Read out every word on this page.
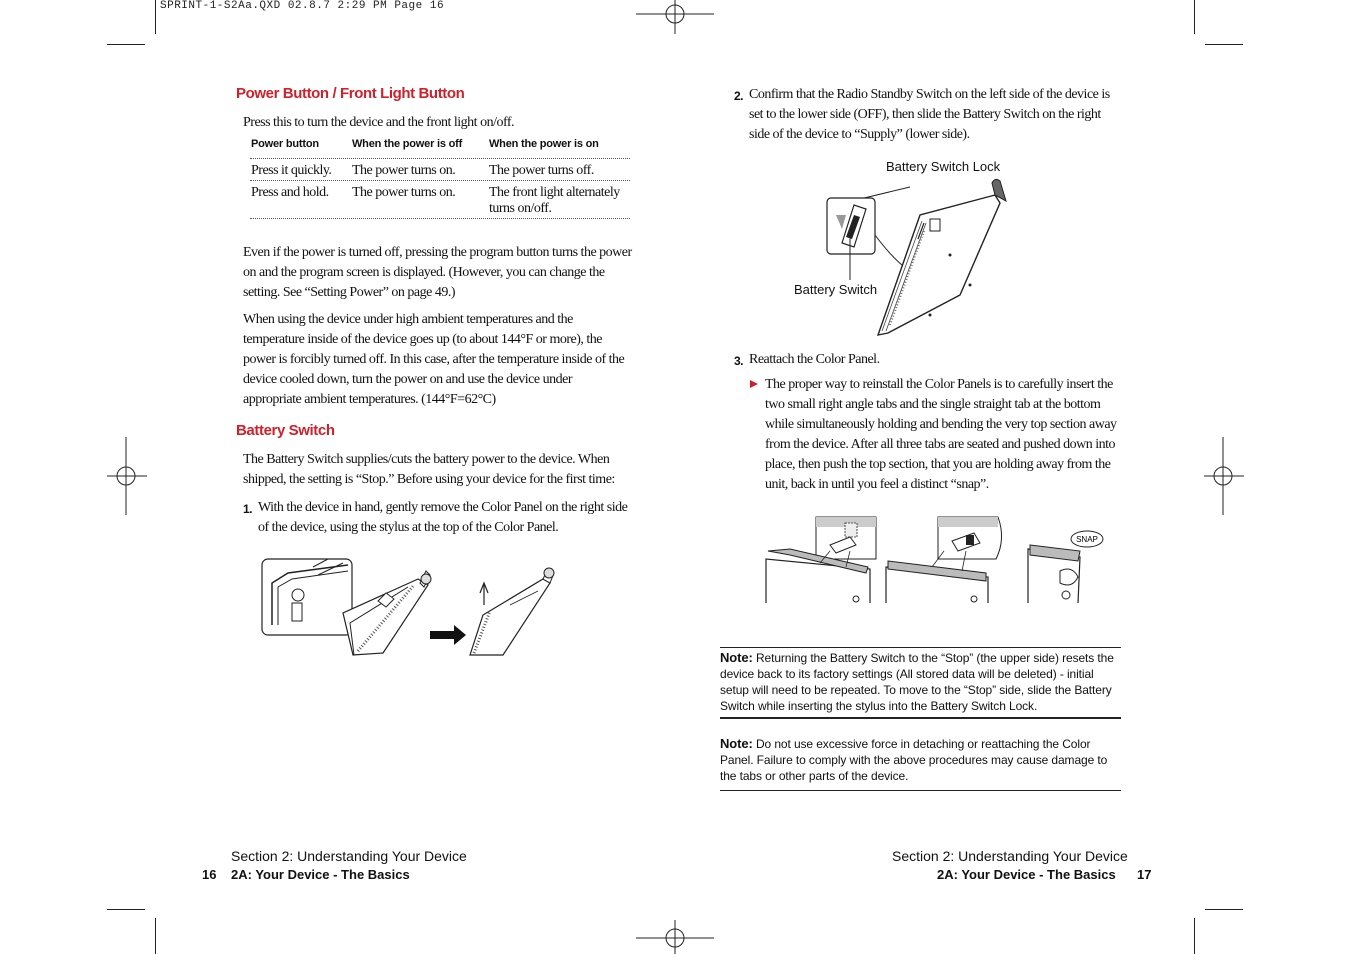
SPRINT-1-S2Aa.QXD 02.8.7 2:29 PM Page 16
Power Button / Front Light Button
Press this to turn the device and the front light on/off.
Power button	When the power is off When the power is on
Press it quickly. The power turns on. The power turns off.
Press and hold. The power turns on. The front light alternately turns on/off.
Even if the power is turned off, pressing the program button turns the power on and the program screen is displayed. (However, you can change the setting. See “Setting Power” on page 49.)
When using the device under high ambient temperatures and the temperature inside of the device goes up (to about 144°F or more), the power is forcibly turned off. In this case, after the temperature inside of the device cooled down, turn the power on and use the device under appropriate ambient temperatures. (144°F=62°C)
Battery Switch
The Battery Switch supplies/cuts the battery power to the device. When shipped, the setting is “Stop.” Before using your device for the first time:
1. With the device in hand, gently remove the Color Panel on the right side of the device, using the stylus at the top of the Color Panel.
Section 2: Understanding Your Device
16 2A: Your Device - The Basics
2. Confirm that the Radio Standby Switch on the left side of the device is set to the lower side (OFF), then slide the Battery Switch on the right side of the device to “Supply” (lower side).
Battery Switch Lock
Battery Switch
3. Reattach the Color Panel.
The proper way to reinstall the Color Panels is to carefully insert the two small right angle tabs and the single straight tab at the bottom while simultaneously holding and bending the very top section away from the device. After all three tabs are seated and pushed down into place, then push the top section, that you are holding away from the unit, back in until you feel a distinct “snap”.
SNAP
Note: Returning the Battery Switch to the “Stop” (the upper side) resets the device back to its factory settings (All stored data will be deleted) - initial setup will need to be repeated. To move to the “Stop” side, slide the Battery Switch while inserting the stylus into the Battery Switch Lock.
Note: Do not use excessive force in detaching or reattaching the Color Panel. Failure to comply with the above procedures may cause damage to the tabs or other parts of the device.
Section 2: Understanding Your Device
2A: Your Device - The Basics 17
